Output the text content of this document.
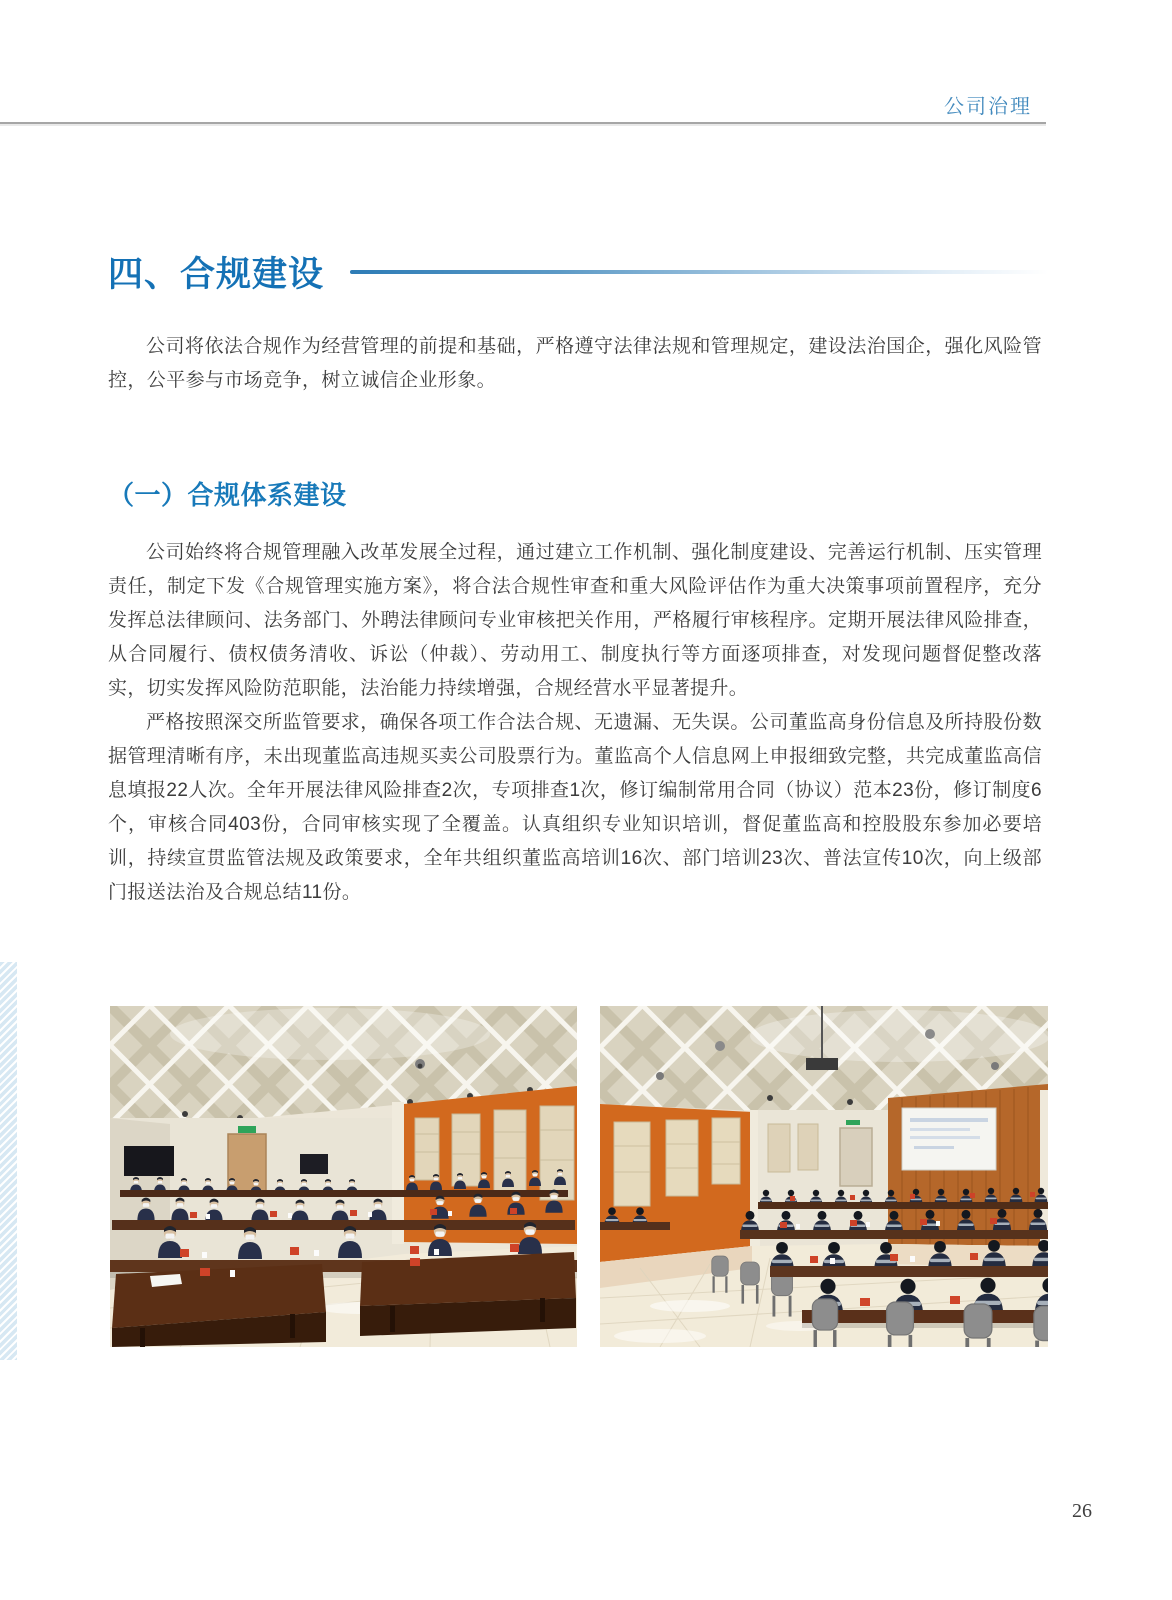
公司治理
四、合规建设

公司将依法合规作为经营管理的前提和基础，严格遵守法律法规和管理规定，建设法治国企，强化风险管控，公平参与市场竞争，树立诚信企业形象。

（一）合规体系建设

公司始终将合规管理融入改革发展全过程，通过建立工作机制、强化制度建设、完善运行机制、压实管理责任，制定下发《合规管理实施方案》，将合法合规性审查和重大风险评估作为重大决策事项前置程序，充分发挥总法律顾问、法务部门、外聘法律顾问专业审核把关作用，严格履行审核程序。定期开展法律风险排查，从合同履行、债权债务清收、诉讼（仲裁）、劳动用工、制度执行等方面逐项排查，对发现问题督促整改落实，切实发挥风险防范职能，法治能力持续增强，合规经营水平显著提升。

严格按照深交所监管要求，确保各项工作合法合规、无遗漏、无失误。公司董监高身份信息及所持股份数据管理清晰有序，未出现董监高违规买卖公司股票行为。董监高个人信息网上申报细致完整，共完成董监高信息填报22人次。全年开展法律风险排查2次，专项排查1次，修订编制常用合同（协议）范本23份，修订制度6个，审核合同403份，合同审核实现了全覆盖。认真组织专业知识培训，督促董监高和控股股东参加必要培训，持续宣贯监管法规及政策要求，全年共组织董监高培训16次、部门培训23次、普法宣传10次，向上级部门报送法治及合规总结11份。

26
